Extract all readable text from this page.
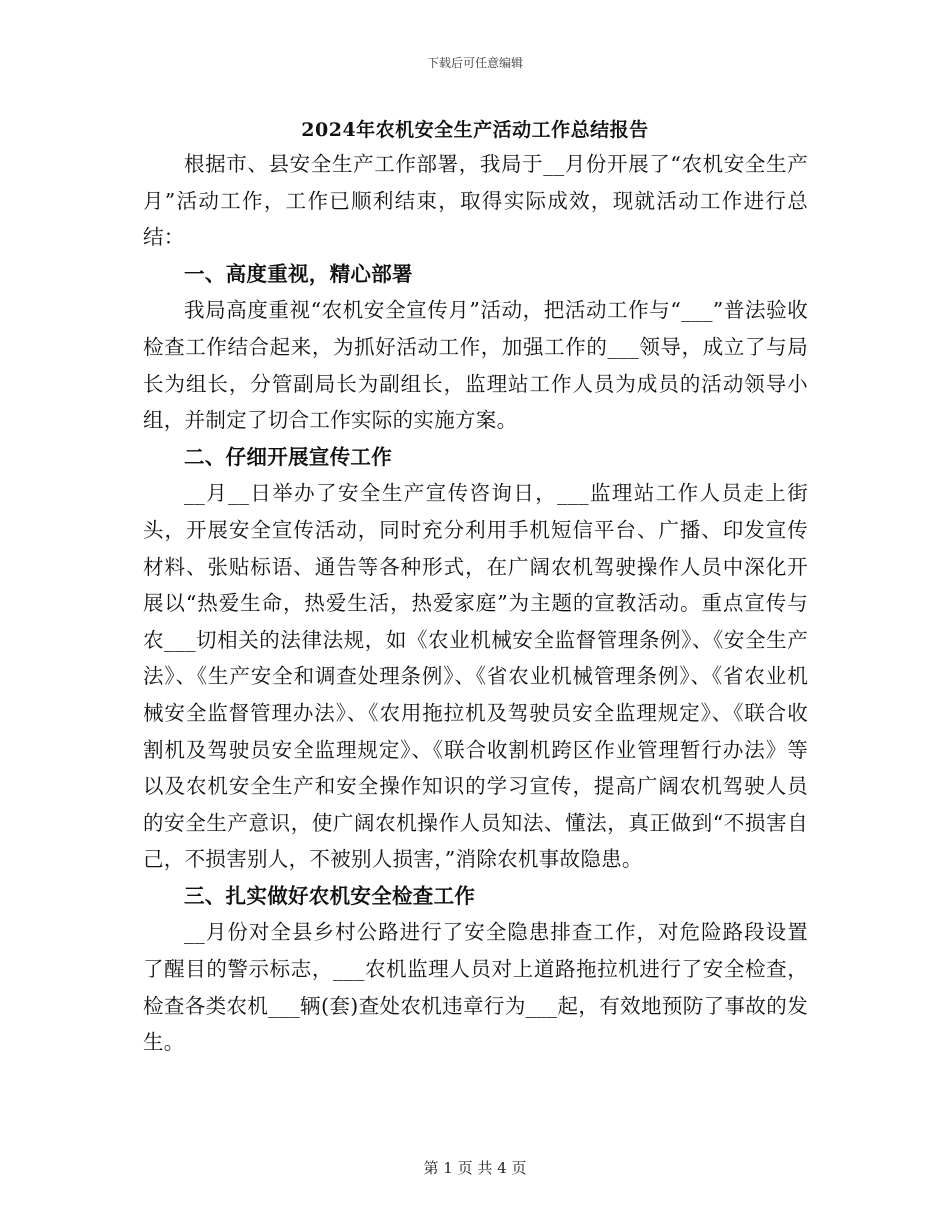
下载后可任意编辑
2024年农机安全生产活动工作总结报告

根据市、县安全生产工作部署，我局于__月份开展了“农机安全生产月”活动工作，工作已顺利结束，取得实际成效，现就活动工作进行总结：

一、高度重视，精心部署

我局高度重视“农机安全宣传月”活动，把活动工作与“___”普法验收检查工作结合起来，为抓好活动工作，加强工作的___领导，成立了与局长为组长，分管副局长为副组长，监理站工作人员为成员的活动领导小组，并制定了切合工作实际的实施方案。

二、仔细开展宣传工作

__月__日举办了安全生产宣传咨询日，___监理站工作人员走上街头，开展安全宣传活动，同时充分利用手机短信平台、广播、印发宣传材料、张贴标语、通告等各种形式，在广阔农机驾驶操作人员中深化开展以“热爱生命，热爱生活，热爱家庭”为主题的宣教活动。重点宣传与农___切相关的法律法规，如《农业机械安全监督管理条例》、《安全生产法》、《生产安全和调查处理条例》、《省农业机械管理条例》、《省农业机械安全监督管理办法》、《农用拖拉机及驾驶员安全监理规定》、《联合收割机及驾驶员安全监理规定》、《联合收割机跨区作业管理暂行办法》等以及农机安全生产和安全操作知识的学习宣传，提高广阔农机驾驶人员的安全生产意识，使广阔农机操作人员知法、懂法，真正做到“不损害自己，不损害别人，不被别人损害，”消除农机事故隐患。

三、扎实做好农机安全检查工作

__月份对全县乡村公路进行了安全隐患排查工作，对危险路段设置了醒目的警示标志，___农机监理人员对上道路拖拉机进行了安全检查，检查各类农机___辆(套)查处农机违章行为___起，有效地预防了事故的发生。

第 1 页 共 4 页
